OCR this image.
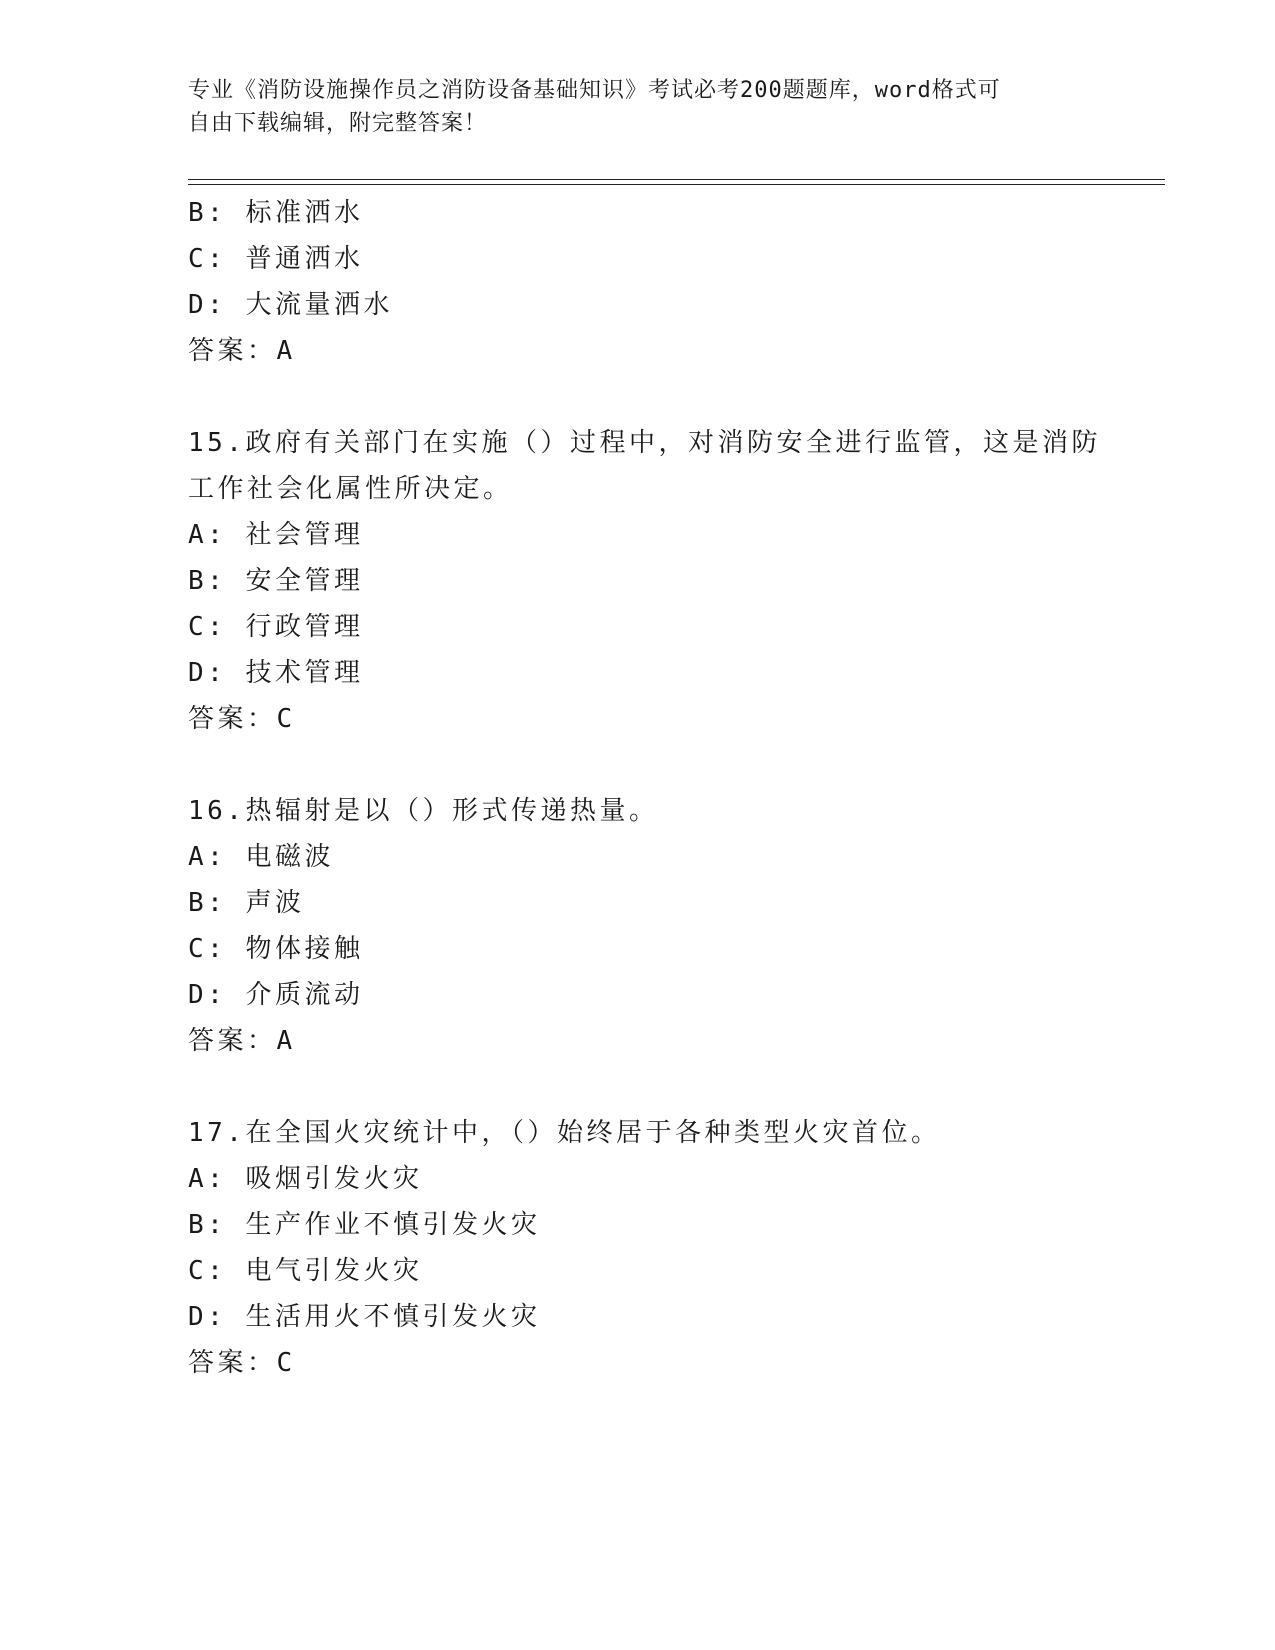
专业《消防设施操作员之消防设备基础知识》考试必考200题题库，word格式可
自由下载编辑，附完整答案！
B: 标准洒水
C: 普通洒水
D: 大流量洒水
答案：A
15.政府有关部门在实施（）过程中，对消防安全进行监管，这是消防
工作社会化属性所决定。
A: 社会管理
B: 安全管理
C: 行政管理
D: 技术管理
答案：C
16.热辐射是以（）形式传递热量。
A: 电磁波
B: 声波
C: 物体接触
D: 介质流动
答案：A
17.在全国火灾统计中，（）始终居于各种类型火灾首位。
A: 吸烟引发火灾
B: 生产作业不慎引发火灾
C: 电气引发火灾
D: 生活用火不慎引发火灾
答案：C
